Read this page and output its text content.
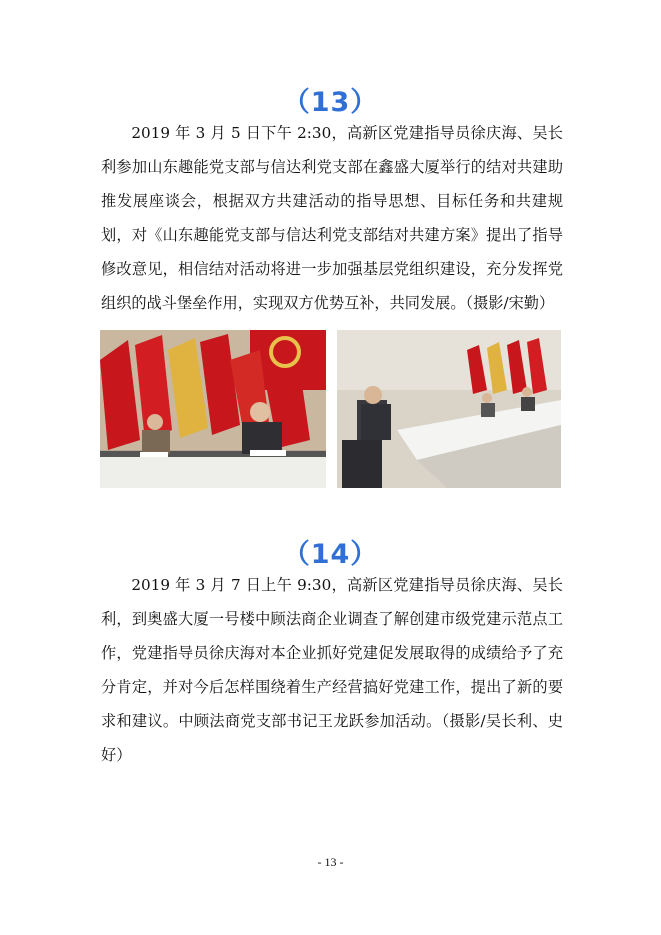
（13）
2019 年 3 月 5 日下午 2:30，高新区党建指导员徐庆海、吴长利参加山东趣能党支部与信达利党支部在鑫盛大厦举行的结对共建助推发展座谈会，根据双方共建活动的指导思想、目标任务和共建规划，对《山东趣能党支部与信达利党支部结对共建方案》提出了指导修改意见，相信结对活动将进一步加强基层党组织建设，充分发挥党组织的战斗堡垒作用，实现双方优势互补，共同发展。（摄影/宋勤）
（14）
2019 年 3 月 7 日上午 9:30，高新区党建指导员徐庆海、吴长利，到奥盛大厦一号楼中顾法商企业调查了解创建市级党建示范点工作，党建指导员徐庆海对本企业抓好党建促发展取得的成绩给予了充分肯定，并对今后怎样围绕着生产经营搞好党建工作，提出了新的要求和建议。中顾法商党支部书记王龙跃参加活动。（摄影/吴长利、史 好）
- 13 -
